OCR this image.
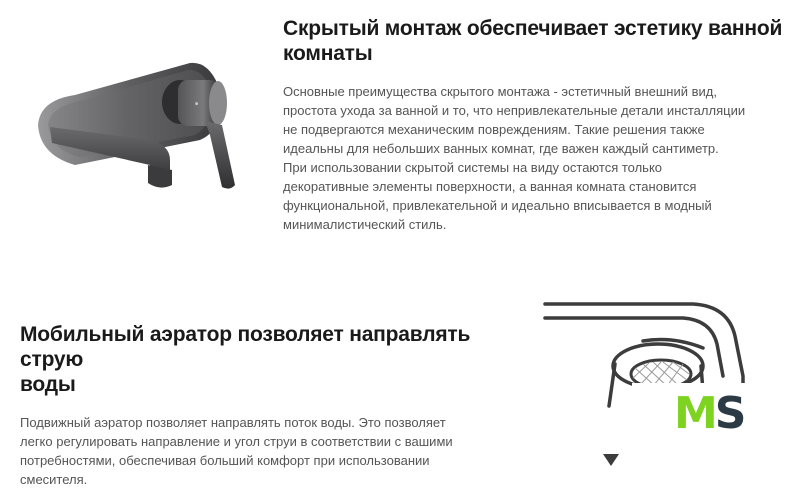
■
Скрытый монтаж обеспечивает эстетику ванной
комнаты

Основные преимущества скрытого монтажа - эстетичный внешний вид,
простота ухода за ванной и то, что непривлекательные детали инсталляции
не подвергаются механическим повреждениям. Такие решения также
идеальны для небольших ванных комнат, где важен каждый сантиметр.
При использовании скрытой системы на виду остаются только
декоративные элементы поверхности, а ванная комната становится
функциональной, привлекательной и идеально вписывается в модный
минималистический стиль.

Мобильный аэратор позволяет направлять струю
воды

Подвижный аэратор позволяет направлять поток воды. Это позволяет
легко регулировать направление и угол струи в соответствии с вашими
потребностями, обеспечивая больший комфорт при использовании
смесителя.

MS
